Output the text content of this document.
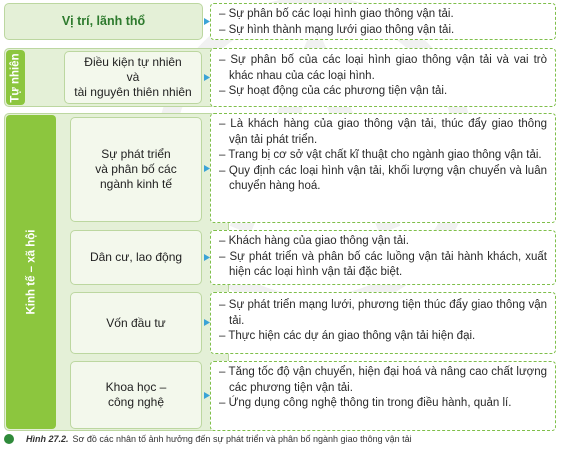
Vị trí, lãnh thổ	– Sự phân bố các loại hình giao thông vận tải.

– Sự hình thành mạng lưới giao thông vận tải.

Tự nhiên	Điều kiện tự nhiên
và
tài nguyên thiên nhiên

– Sự phân bố của các loại hình giao thông vận tải và vai trò khác nhau của các loại hình.

– Sự hoạt động của các phương tiện vận tải.

Kinh tế – xã hội
Sự phát triển
và phân bố các
ngành kinh tế

– Là khách hàng của giao thông vận tải, thúc đẩy giao thông vận tải phát triển.

– Trang bị cơ sở vật chất kĩ thuật cho ngành giao thông vận tải.

– Quy định các loại hình vận tải, khối lượng vận chuyển và luân chuyển hàng hoá.

Dân cư, lao động

– Khách hàng của giao thông vận tải.

– Sự phát triển và phân bố các luồng vận tải hành khách, xuất hiện các loại hình vận tải đặc biệt.

Vốn đầu tư

– Sự phát triển mạng lưới, phương tiện thúc đẩy giao thông vận tải.

– Thực hiện các dự án giao thông vận tải hiện đại.

Khoa học –
công nghệ

– Tăng tốc độ vận chuyển, hiện đại hoá và nâng cao chất lượng các phương tiện vận tải.

– Ứng dụng công nghệ thông tin trong điều hành, quản lí.

Hình 27.2. Sơ đồ các nhân tố ảnh hưởng đến sự phát triển và phân bố ngành giao thông vận tải
